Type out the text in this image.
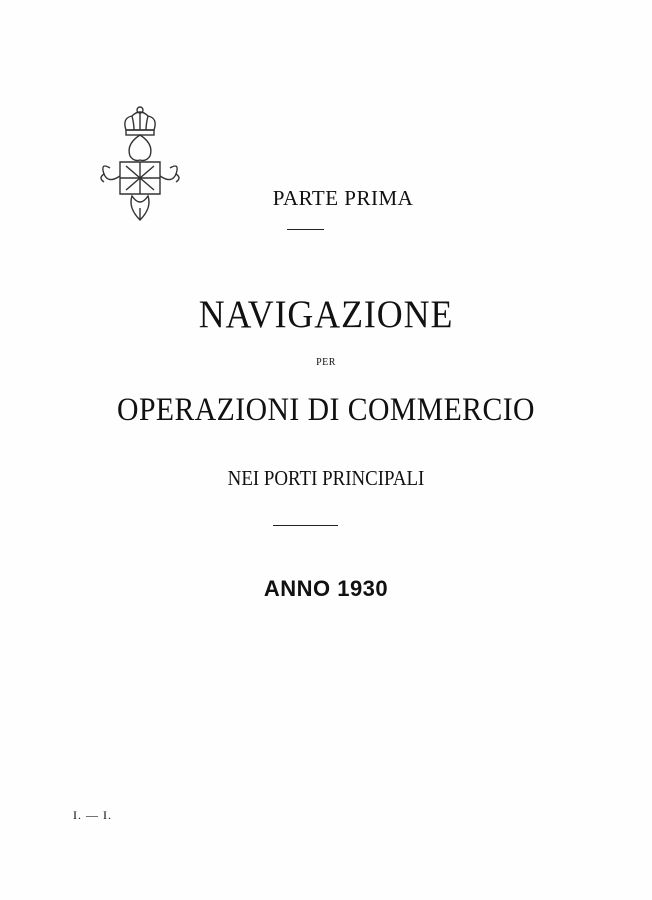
PARTE PRIMA
NAVIGAZIONE
PER
OPERAZIONI DI COMMERCIO
NEI PORTI PRINCIPALI
ANNO 1930
I. — I.
